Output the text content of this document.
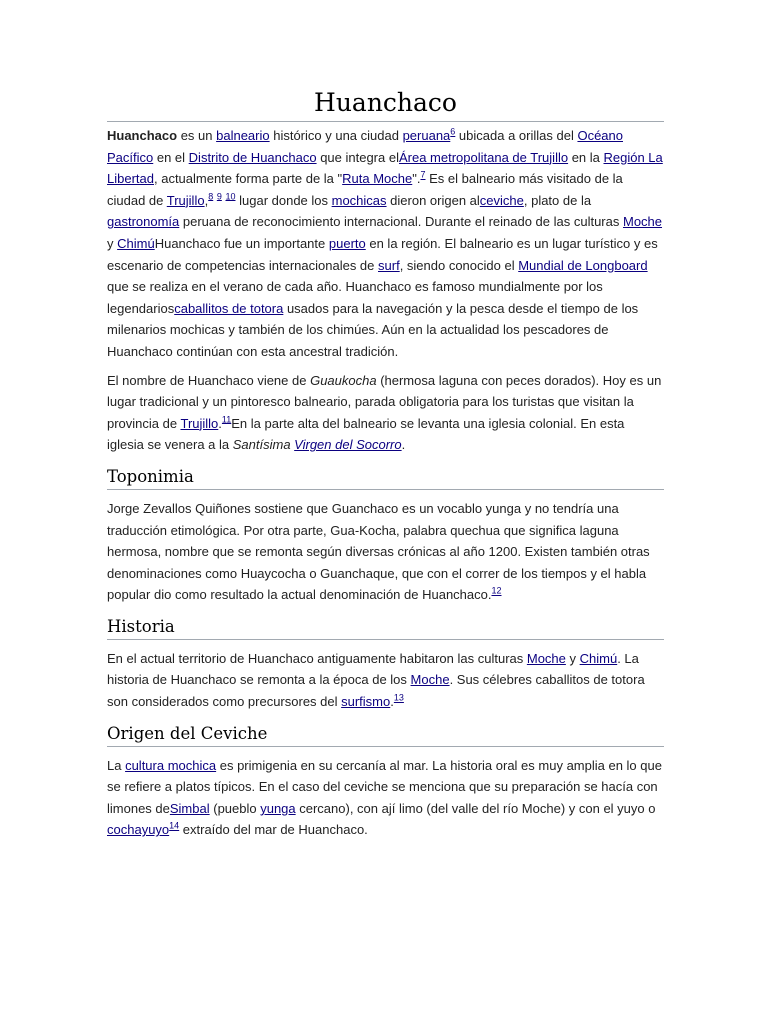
Huanchaco

Huanchaco es un balneario histórico y una ciudad peruana$^6$ ubicada a orillas del Océano Pacífico en el Distrito de Huanchaco que integra elÁrea metropolitana de Trujillo en la Región La Libertad, actualmente forma parte de la "Ruta Moche".$^7$ Es el balneario más visitado de la ciudad de Trujillo,$^8$ $^9$ $^{10}$ lugar donde los mochicas dieron origen alceviche, plato de la gastronomía peruana de reconocimiento internacional. Durante el reinado de las culturas Moche y ChimúHuanchaco fue un importante puerto en la región. El balneario es un lugar turístico y es escenario de competencias internacionales de surf, siendo conocido el Mundial de Longboard que se realiza en el verano de cada año. Huanchaco es famoso mundialmente por los legendarioscaballitos de totora usados para la navegación y la pesca desde el tiempo de los milenarios mochicas y también de los chimúes. Aún en la actualidad los pescadores de Huanchaco continúan con esta ancestral tradición.

El nombre de Huanchaco viene de Guaukocha (hermosa laguna con peces dorados). Hoy es un lugar tradicional y un pintoresco balneario, parada obligatoria para los turistas que visitan la provincia de Trujillo.$^{11}$En la parte alta del balneario se levanta una iglesia colonial. En esta iglesia se venera a la Santísima Virgen del Socorro.

Toponimia

Jorge Zevallos Quiñones sostiene que Guanchaco es un vocablo yunga y no tendría una traducción etimológica. Por otra parte, Gua-Kocha, palabra quechua que significa laguna hermosa, nombre que se remonta según diversas crónicas al año 1200. Existen también otras denominaciones como Huaycocha o Guanchaque, que con el correr de los tiempos y el habla popular dio como resultado la actual denominación de Huanchaco.$^{12}$

Historia

En el actual territorio de Huanchaco antiguamente habitaron las culturas Moche y Chimú. La historia de Huanchaco se remonta a la época de los Moche. Sus célebres caballitos de totora son considerados como precursores del surfismo.$^{13}$

Origen del Ceviche

La cultura mochica es primigenia en su cercanía al mar. La historia oral es muy amplia en lo que se refiere a platos típicos. En el caso del ceviche se menciona que su preparación se hacía con limones deSimbal (pueblo yunga cercano), con ají limo (del valle del río Moche) y con el yuyo o cochayuyo$^{14}$ extraído del mar de Huanchaco.
